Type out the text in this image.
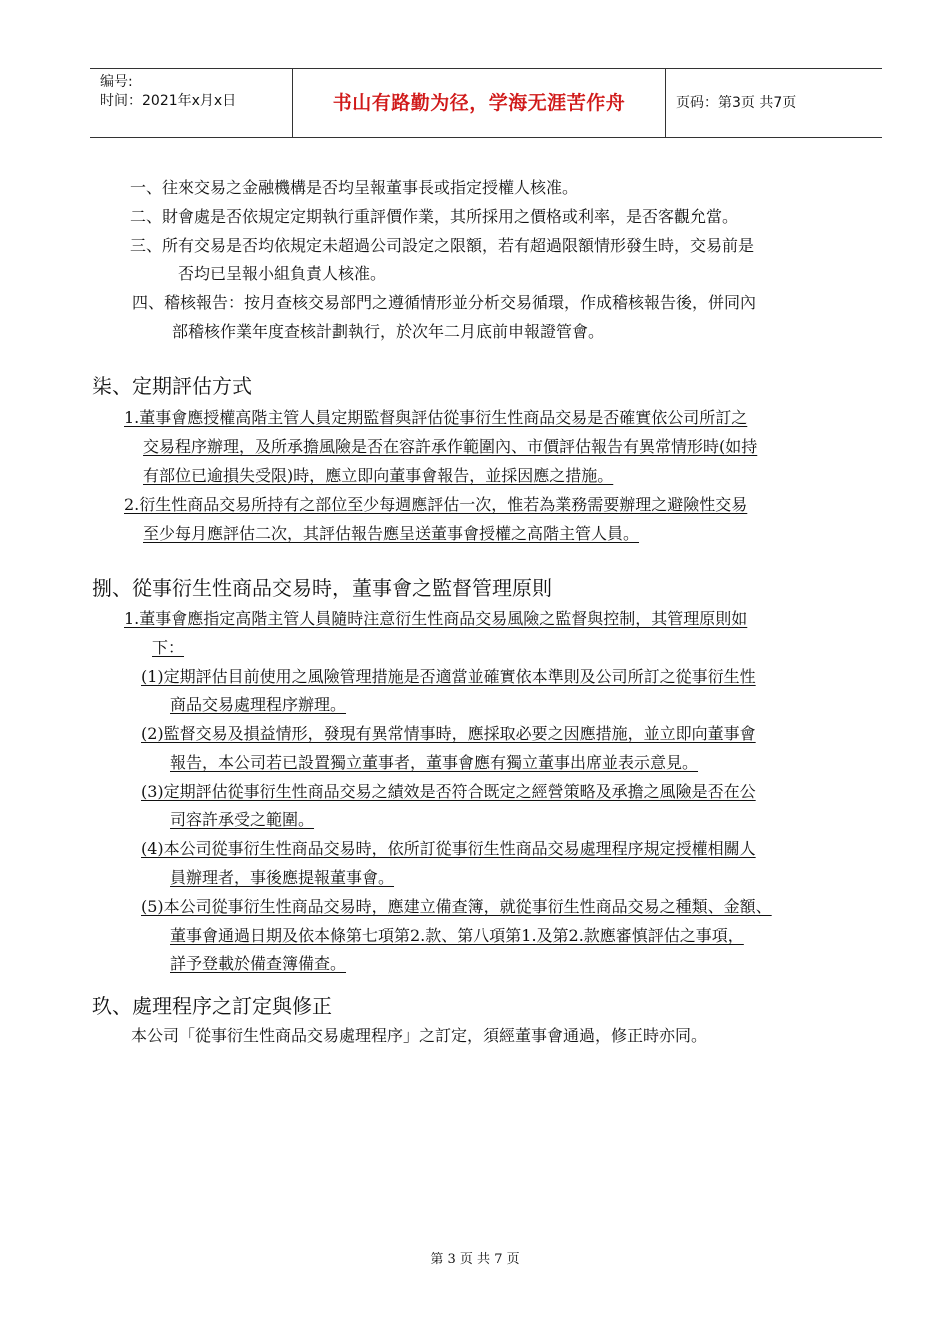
编号:
时间：2021年x月x日	书山有路勤为径，学海无涯苦作舟	页码：第3页 共7页
一、往來交易之金融機構是否均呈報董事長或指定授權人核准。
二、財會處是否依規定定期執行重評價作業，其所採用之價格或利率，是否客觀允當。
三、所有交易是否均依規定未超過公司設定之限額，若有超過限額情形發生時，交易前是
否均已呈報小組負責人核准。
四、稽核報告：按月查核交易部門之遵循情形並分析交易循環，作成稽核報告後，併同內
部稽核作業年度查核計劃執行，於次年二月底前申報證管會。
柒、定期評估方式
1.董事會應授權高階主管人員定期監督與評估從事衍生性商品交易是否確實依公司所訂之
交易程序辦理，及所承擔風險是否在容許承作範圍內、市價評估報告有異常情形時(如持
有部位已逾損失受限)時，應立即向董事會報告，並採因應之措施。
2.衍生性商品交易所持有之部位至少每週應評估一次，惟若為業務需要辦理之避險性交易
至少每月應評估二次，其評估報告應呈送董事會授權之高階主管人員。
捌、從事衍生性商品交易時，董事會之監督管理原則
1.董事會應指定高階主管人員隨時注意衍生性商品交易風險之監督與控制，其管理原則如
下：
(1)定期評估目前使用之風險管理措施是否適當並確實依本準則及公司所訂之從事衍生性
商品交易處理程序辦理。
(2)監督交易及損益情形，發現有異常情事時，應採取必要之因應措施，並立即向董事會
報告，本公司若已設置獨立董事者，董事會應有獨立董事出席並表示意見。
(3)定期評估從事衍生性商品交易之績效是否符合既定之經營策略及承擔之風險是否在公
司容許承受之範圍。
(4)本公司從事衍生性商品交易時，依所訂從事衍生性商品交易處理程序規定授權相關人
員辦理者，事後應提報董事會。
(5)本公司從事衍生性商品交易時，應建立備查簿，就從事衍生性商品交易之種類、金額、
董事會通過日期及依本條第七項第2.款、第八項第1.及第2.款應審慎評估之事項，
詳予登載於備查簿備查。
玖、處理程序之訂定與修正
本公司「從事衍生性商品交易處理程序」之訂定，須經董事會通過，修正時亦同。
第 3 页 共 7 页
